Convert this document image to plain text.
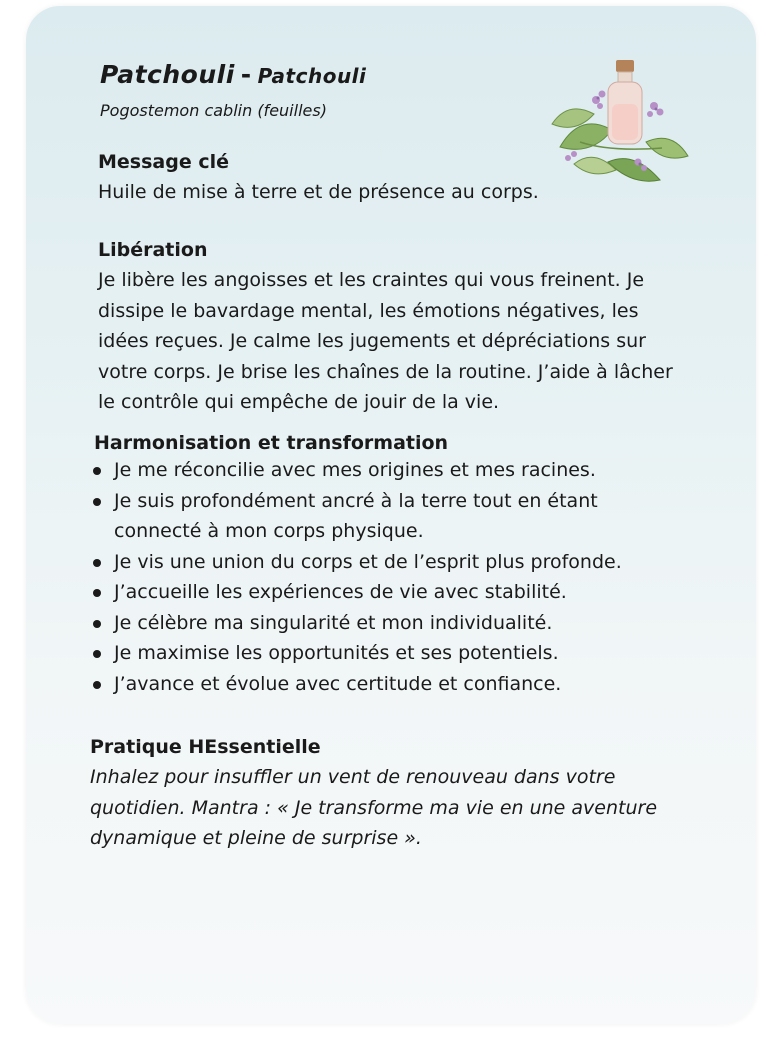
Patchouli - Patchouli
Pogostemon cablin (feuilles)
Message clé
Huile de mise à terre et de présence au corps.
Libération
Je libère les angoisses et les craintes qui vous freinent. Je
dissipe le bavardage mental, les émotions négatives, les
idées reçues. Je calme les jugements et dépréciations sur
votre corps. Je brise les chaînes de la routine. J’aide à lâcher
le contrôle qui empêche de jouir de la vie.
Harmonisation et transformation
Je me réconcilie avec mes origines et mes racines.
Je suis profondément ancré à la terre tout en étant
connecté à mon corps physique.
Je vis une union du corps et de l’esprit plus profonde.
J’accueille les expériences de vie avec stabilité.
Je célèbre ma singularité et mon individualité.
Je maximise les opportunités et ses potentiels.
J’avance et évolue avec certitude et confiance.
Pratique HEssentielle
Inhalez pour insuffler un vent de renouveau dans votre
quotidien. Mantra : « Je transforme ma vie en une aventure
dynamique et pleine de surprise ».
